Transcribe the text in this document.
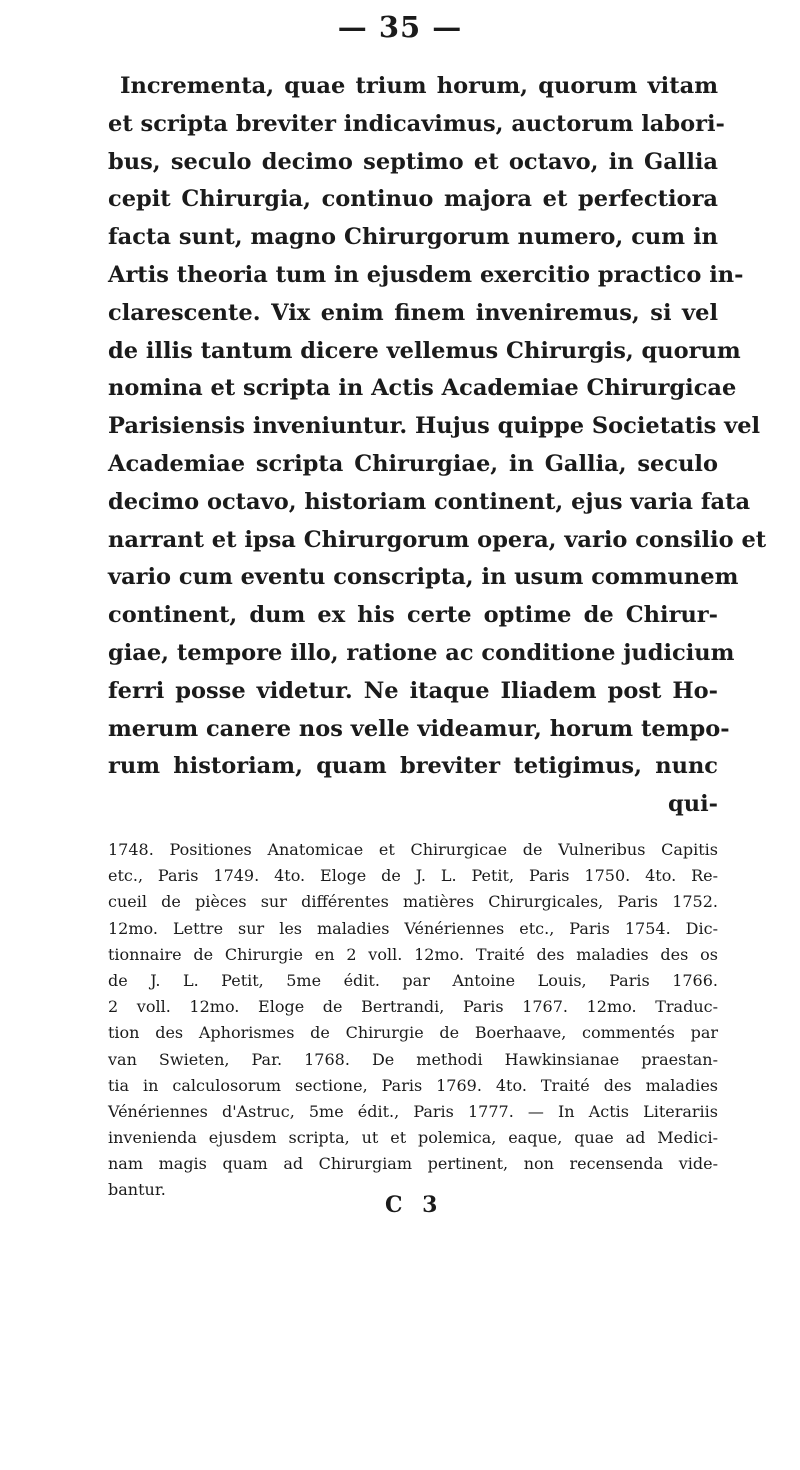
— 35 —
Incrementa, quae trium horum, quorum vitam
et scripta breviter indicavimus, auctorum labori-
bus, seculo decimo septimo et octavo, in Gallia
cepit Chirurgia, continuo majora et perfectiora
facta sunt, magno Chirurgorum numero, cum in
Artis theoria tum in ejusdem exercitio practico in-
clarescente. Vix enim finem inveniremus, si vel
de illis tantum dicere vellemus Chirurgis, quorum
nomina et scripta in Actis Academiae Chirurgicae
Parisiensis inveniuntur. Hujus quippe Societatis vel
Academiae scripta Chirurgiae, in Gallia, seculo
decimo octavo, historiam continent, ejus varia fata
narrant et ipsa Chirurgorum opera, vario consilio et
vario cum eventu conscripta, in usum communem
continent, dum ex his certe optime de Chirur-
giae, tempore illo, ratione ac conditione judicium
ferri posse videtur. Ne itaque Iliadem post Ho-
merum canere nos velle videamur, horum tempo-
rum historiam, quam breviter tetigimus, nunc
qui-
1748. Positiones Anatomicae et Chirurgicae de Vulneribus Capitis
etc., Paris 1749. 4to. Eloge de J. L. Petit, Paris 1750. 4to. Re-
cueil de pièces sur différentes matières Chirurgicales, Paris 1752.
12mo. Lettre sur les maladies Vénériennes etc., Paris 1754. Dic-
tionnaire de Chirurgie en 2 voll. 12mo. Traité des maladies des os
de J. L. Petit, 5me édit. par Antoine Louis, Paris 1766.
2 voll. 12mo. Eloge de Bertrandi, Paris 1767. 12mo. Traduc-
tion des Aphorismes de Chirurgie de Boerhaave, commentés par
van Swieten, Par. 1768. De methodi Hawkinsianae praestan-
tia in calculosorum sectione, Paris 1769. 4to. Traité des maladies
Vénériennes d'Astruc, 5me édit., Paris 1777. — In Actis Literariis
invenienda ejusdem scripta, ut et polemica, eaque, quae ad Medici-
nam magis quam ad Chirurgiam pertinent, non recensenda vide-
bantur.
C 3
